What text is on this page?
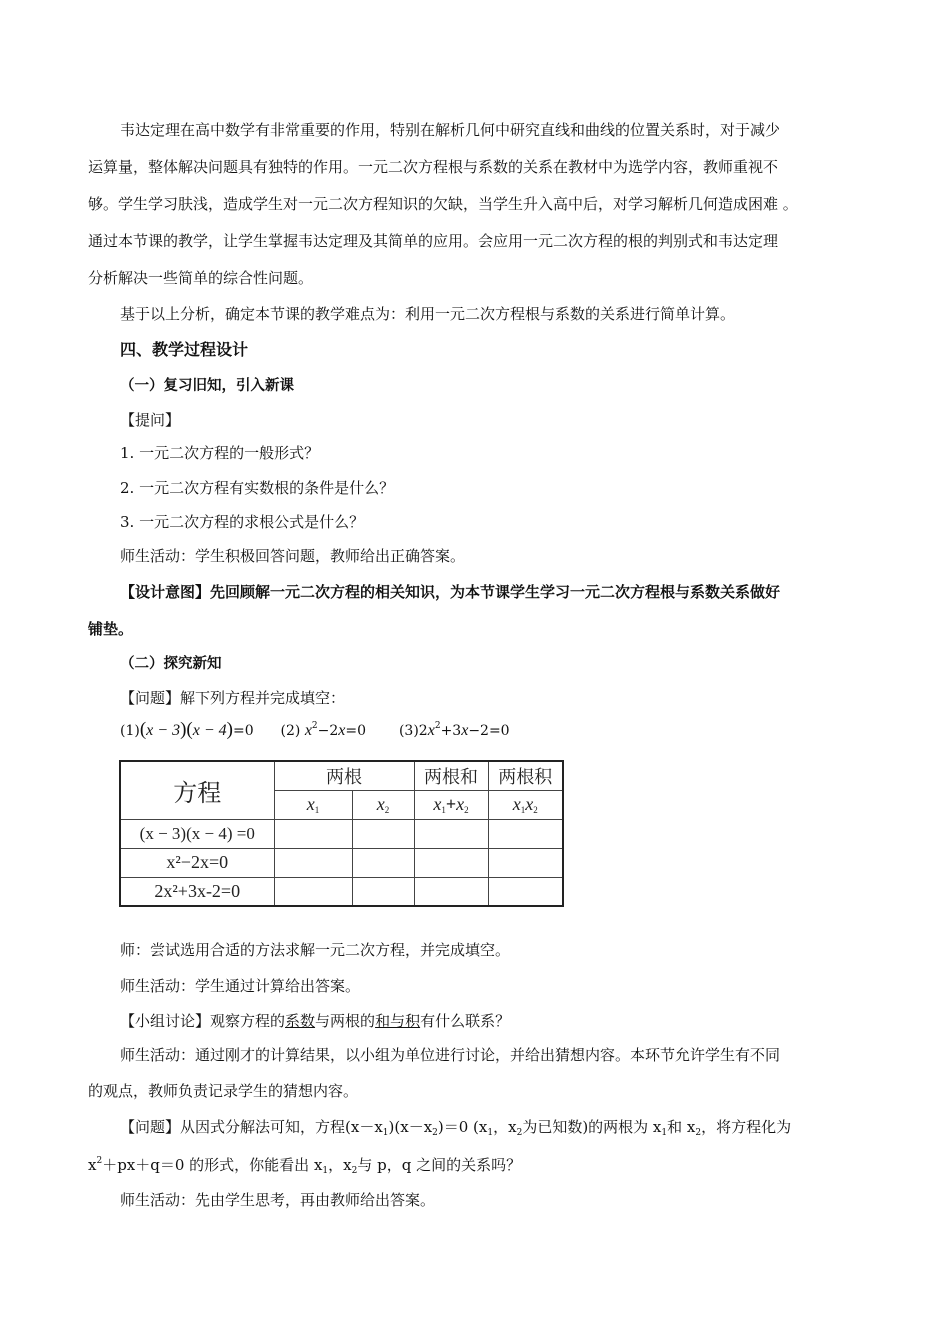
韦达定理在高中数学有非常重要的作用，特别在解析几何中研究直线和曲线的位置关系时，对于减少
运算量，整体解决问题具有独特的作用。一元二次方程根与系数的关系在教材中为选学内容，教师重视不
够。学生学习肤浅，造成学生对一元二次方程知识的欠缺，当学生升入高中后，对学习解析几何造成困难 。
通过本节课的教学，让学生掌握韦达定理及其简单的应用。会应用一元二次方程的根的判别式和韦达定理
分析解决一些简单的综合性问题。
基于以上分析，确定本节课的教学难点为：利用一元二次方程根与系数的关系进行简单计算。
四、教学过程设计
（一）复习旧知，引入新课
【提问】
1. 一元二次方程的一般形式？
2. 一元二次方程有实数根的条件是什么？
3. 一元二次方程的求根公式是什么？
师生活动：学生积极回答问题，教师给出正确答案。
【设计意图】先回顾解一元二次方程的相关知识，为本节课学生学习一元二次方程根与系数关系做好
铺垫。
（二）探究新知
【问题】解下列方程并完成填空：
(1)(x − 3)(x − 4)=0 (2) $x^2-2x=0$ $(3)2x^2+3x-2=0$
方程	两根		两根和	两根积
	$x_1$	$x_2$	$x_1+x_2$	$x_1x_2$
(x − 3)(x − 4) =0				
x²−2x=0				
2x²+3x-2=0				
师：尝试选用合适的方法求解一元二次方程，并完成填空。
师生活动：学生通过计算给出答案。
【小组讨论】观察方程的系数与两根的和与积有什么联系？
师生活动：通过刚才的计算结果，以小组为单位进行讨论，并给出猜想内容。本环节允许学生有不同
的观点，教师负责记录学生的猜想内容。
【问题】从因式分解法可知，方程$(x-x_1)(x-x_2)=0$ ($x_1$，$x_2$为已知数)的两根为 $x_1$和 $x_2$，将方程化为
$x^2+px+q=0$ 的形式，你能看出 $x_1$，$x_2$与 p，q 之间的关系吗？
师生活动：先由学生思考，再由教师给出答案。
